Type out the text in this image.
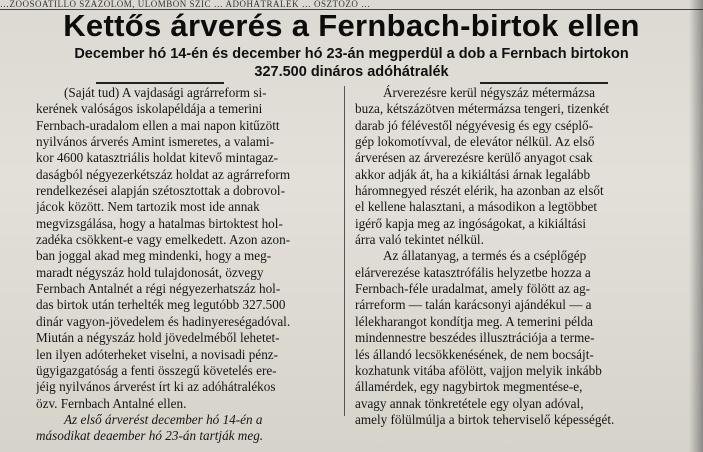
…ZOOSOATILLO SZÁZOLOM, ULOMBON SZIC … ADÓHÁTRALÉK … OSZTOZÓ …
Kettős árverés a Fernbach-birtok ellen
December hó 14-én és december hó 23-án megperdül a dob a Fernbach birtokon
327.500 dináros adóhátralék
(Saját tud) A vajdasági agrárreform si-
kerének valóságos iskolapéldája a temerini
Fernbach-uradalom ellen a mai napon kitűzött
nyilvános árverés Amint ismeretes, a valami-
kor 4600 katasztriális holdat kitevő mintagaz-
daságból négyezerkétszáz holdat az agrárreform
rendelkezései alapján szétosztottak a dobrovol-
jácok között. Nem tartozik most ide annak
megvizsgálása, hogy a hatalmas birtoktest hol-
zadéka csökkent-e vagy emelkedett. Azon azon-
ban joggal akad meg mindenki, hogy a meg-
maradt négyszáz hold tulajdonosát, özvegy
Fernbach Antalnét a régi négyezerhatszáz hol-
das birtok után terhelték meg legutóbb 327.500
dinár vagyon-jövedelem és hadinyereségadóval.
Miután a négyszáz hold jövedelméből lehetet-
len ilyen adóterheket viselni, a novisadi pénz-
ügyigazgatóság a fenti összegű követelés ere-
jéig nyilvános árverést írt ki az adóhátralékos
özv. Fernbach Antalné ellen.
Az első árverést december hó 14-én a
másodikat deaember hó 23-án tartják meg.
Árverezésre kerül négyszáz métermázsa
buza, kétszázötven métermázsa tengeri, tizenkét
darab jó félévestől négyévesig és egy cséplő-
gép lokomotívval, de elevátor nélkül. Az első
árverésen az árverezésre kerülő anyagot csak
akkor adják át, ha a kikiáltási árnak legalább
háromnegyed részét elérik, ha azonban az elsőt
el kellene halasztani, a másodikon a legtöbbet
igérő kapja meg az ingóságokat, a kikiáltási
árra való tekintet nélkül.
Az állatanyag, a termés és a cséplőgép
elárverezése katasztrófális helyzetbe hozza a
Fernbach-féle uradalmat, amely fölött az ag-
rárreform — talán karácsonyi ajándékul — a
lélekharangot kondítja meg. A temerini példa
mindennestre beszédes illusztrációja a terme-
lés állandó lecsökkenésének, de nem bocsájt-
kozhatunk vitába afölött, vajjon melyik inkább
államérdek, egy nagybirtok megmentése-e,
avagy annak tönkretétele egy olyan adóval,
amely fölülmúlja a birtok teherviselő képességét.
